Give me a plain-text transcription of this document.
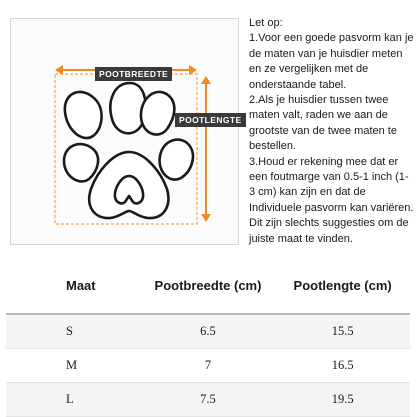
POOTBREEDTE
POOTLENGTE

Let op:

1.Voor een goede pasvorm kan je de maten van je huisdier meten en ze vergelijken met de onderstaande tabel.

2.Als je huisdier tussen twee maten valt, raden we aan de grootste van de twee maten te bestellen.

3.Houd er rekening mee dat er een foutmarge van 0.5-1 inch (1-3 cm) kan zijn en dat de Individuele pasvorm kan variëren.

Dit zijn slechts suggesties om de juiste maat te vinden.

Maat	Pootbreedte (cm)	Pootlengte (cm)
S	6.5	15.5
M	7	16.5
L	7.5	19.5
